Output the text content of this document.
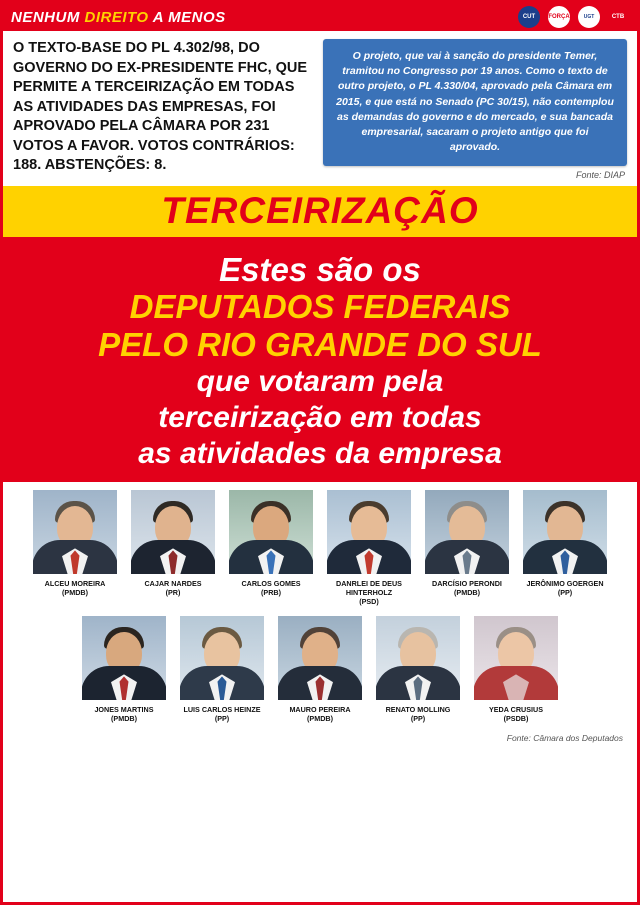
NENHUM DIREITO A MENOS	CUT	FORÇA	UGT	CTB
O TEXTO-BASE DO PL 4.302/98, DO GOVERNO DO EX-PRESIDENTE FHC, QUE PERMITE A TERCEIRIZAÇÃO EM TODAS AS ATIVIDADES DAS EMPRESAS, FOI APROVADO PELA CÂMARA POR 231 VOTOS A FAVOR. VOTOS CONTRÁRIOS: 188. ABSTENÇÕES: 8.
O projeto, que vai à sanção do presidente Temer, tramitou no Congresso por 19 anos. Como o texto de outro projeto, o PL 4.330/04, aprovado pela Câmara em 2015, e que está no Senado (PC 30/15), não contemplou as demandas do governo e do mercado, e sua bancada empresarial, sacaram o projeto antigo que foi aprovado.
Fonte: DIAP
TERCEIRIZAÇÃO
Estes são os
DEPUTADOS FEDERAIS
PELO RIO GRANDE DO SUL
que votaram pela
terceirização em todas
as atividades da empresa
ALCEU MOREIRA
(PMDB)
CAJAR NARDES
(PR)
CARLOS GOMES
(PRB)
DANRLEI DE DEUS HINTERHOLZ
(PSD)
DARCÍSIO PERONDI
(PMDB)
JERÔNIMO GOERGEN
(PP)
JONES MARTINS
(PMDB)
LUIS CARLOS HEINZE
(PP)
MAURO PEREIRA
(PMDB)
RENATO MOLLING
(PP)
YEDA CRUSIUS
(PSDB)
Fonte: Câmara dos Deputados
